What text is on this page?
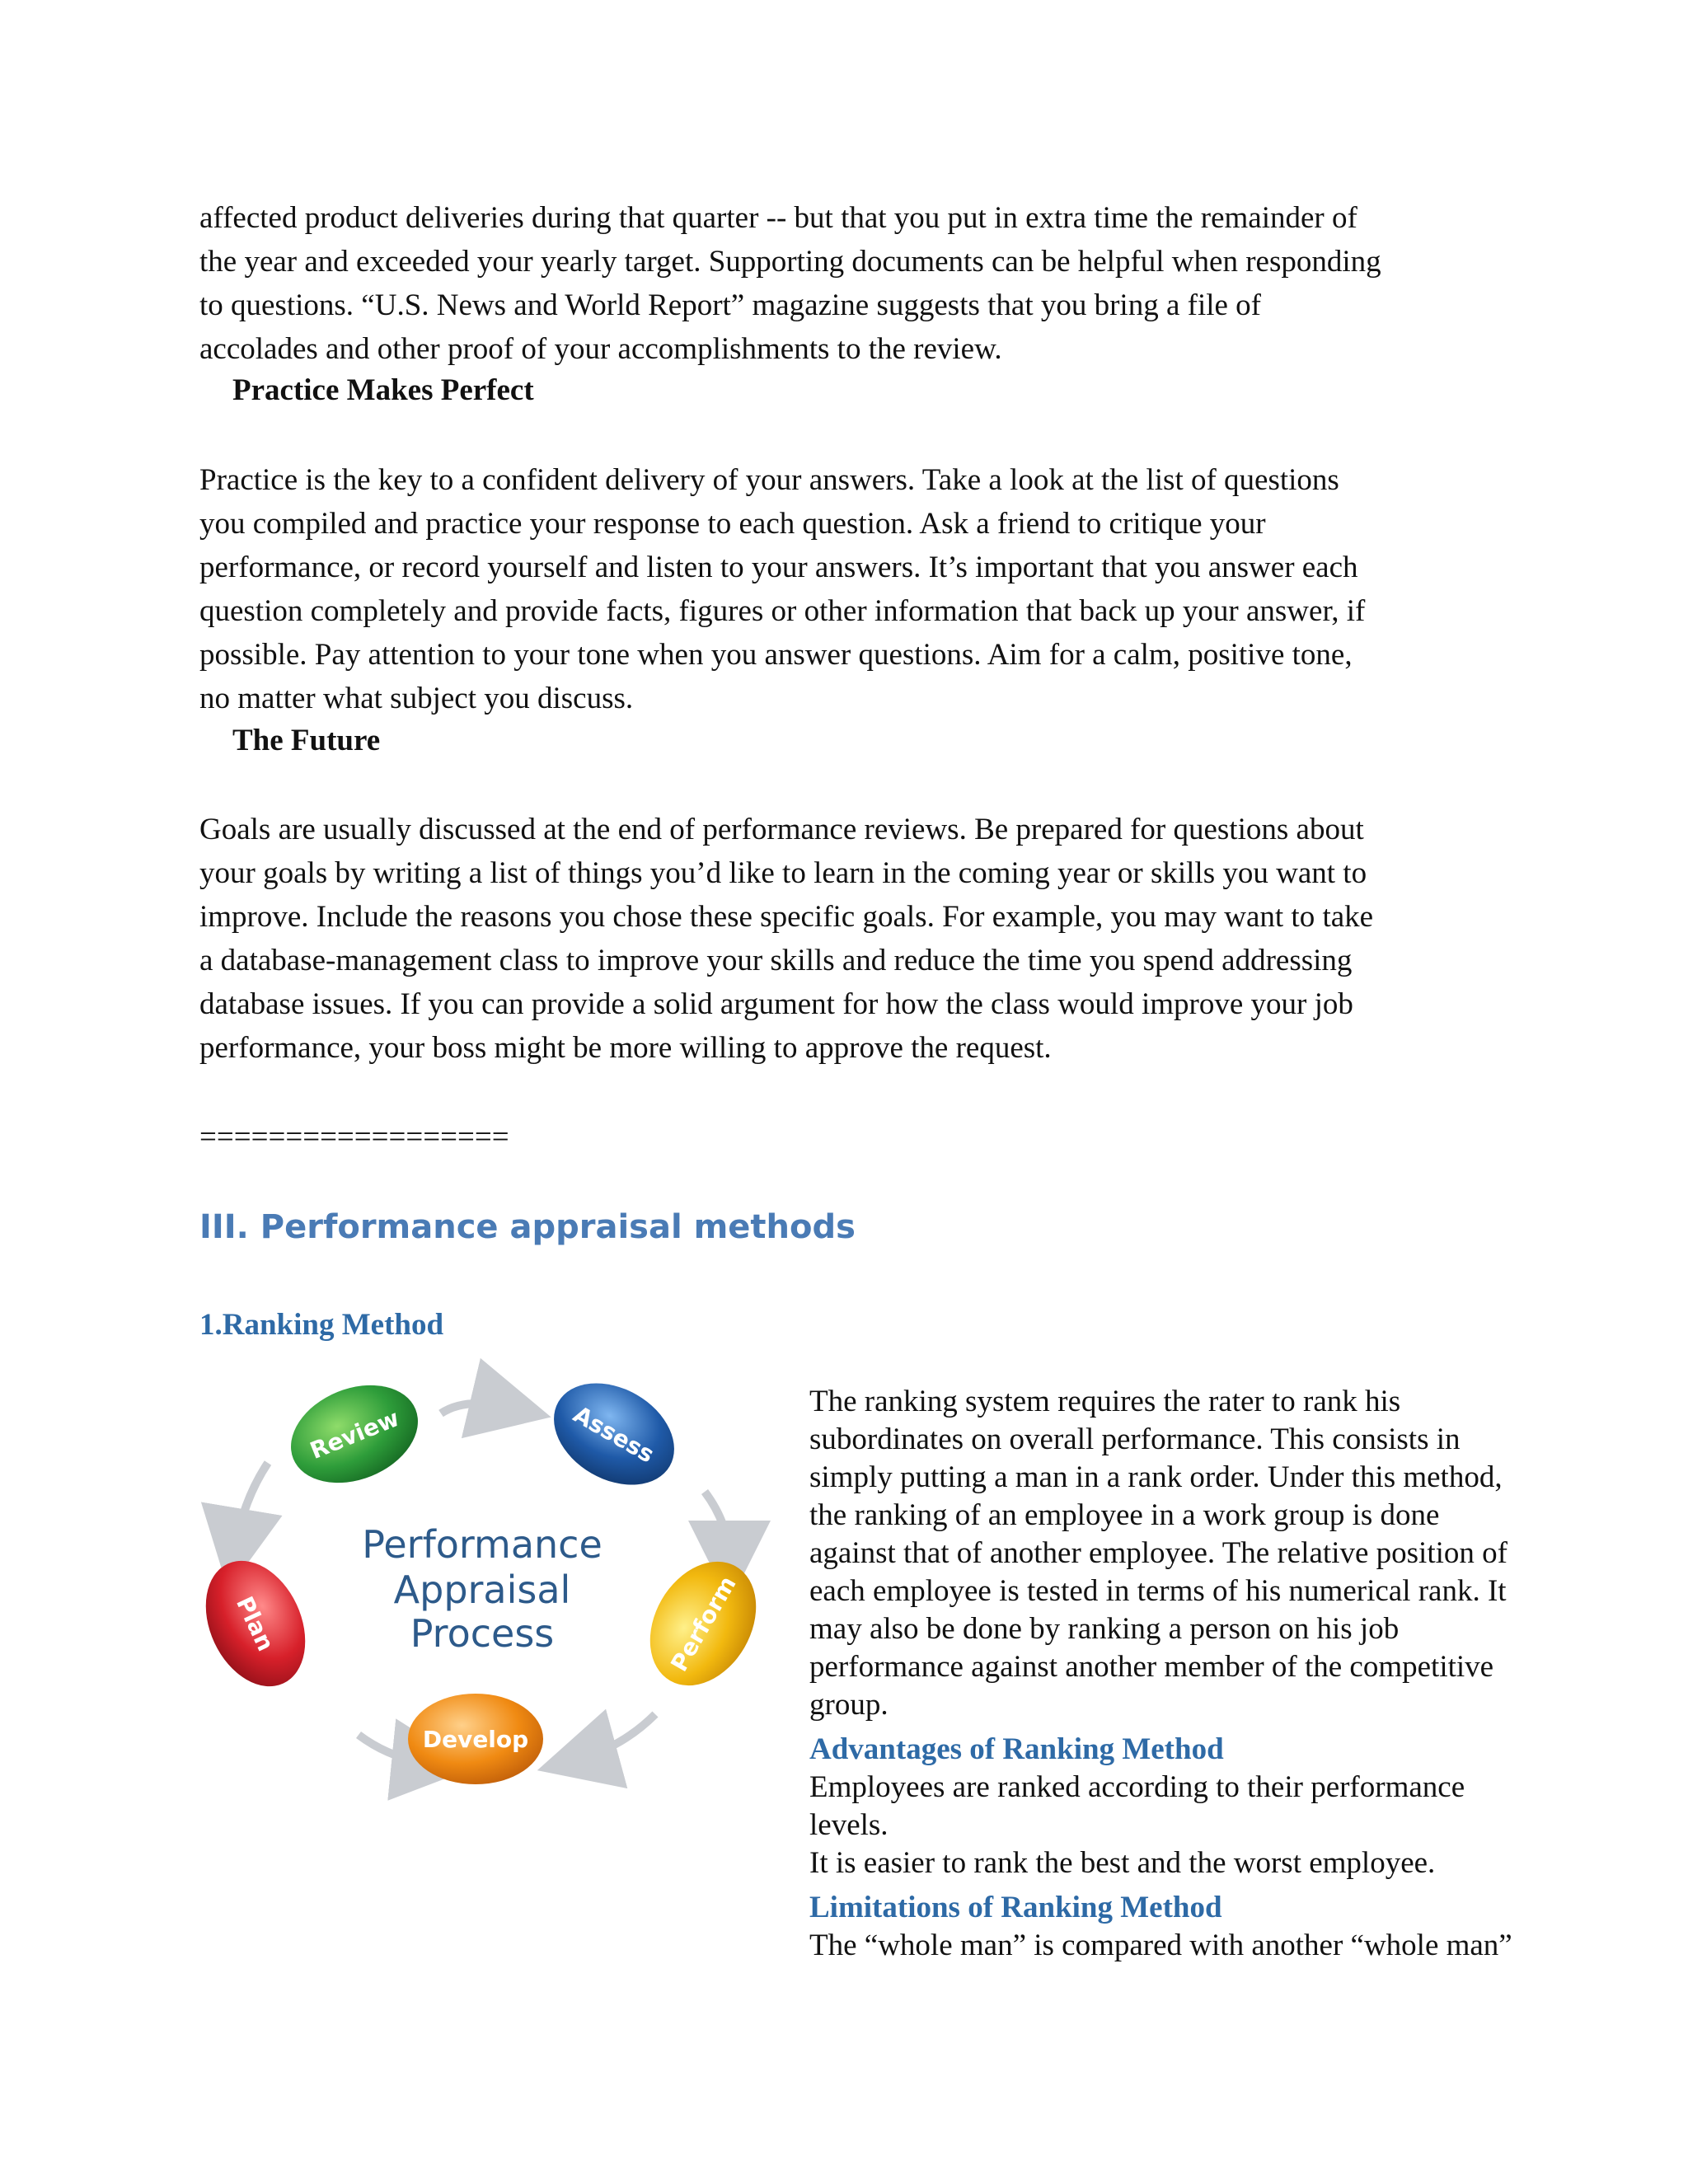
affected product deliveries during that quarter -- but that you put in extra time the remainder of
the year and exceeded your yearly target. Supporting documents can be helpful when responding
to questions. “U.S. News and World Report” magazine suggests that you bring a file of
accolades and other proof of your accomplishments to the review.
Practice Makes Perfect
Practice is the key to a confident delivery of your answers. Take a look at the list of questions
you compiled and practice your response to each question. Ask a friend to critique your
performance, or record yourself and listen to your answers. It’s important that you answer each
question completely and provide facts, figures or other information that back up your answer, if
possible. Pay attention to your tone when you answer questions. Aim for a calm, positive tone,
no matter what subject you discuss.
The Future
Goals are usually discussed at the end of performance reviews. Be prepared for questions about
your goals by writing a list of things you’d like to learn in the coming year or skills you want to
improve. Include the reasons you chose these specific goals. For example, you may want to take
a database-management class to improve your skills and reduce the time you spend addressing
database issues. If you can provide a solid argument for how the class would improve your job
performance, your boss might be more willing to approve the request.
==================
III. Performance appraisal methods
1.Ranking Method
Performance
Appraisal
Process
Review	Assess
Perform
Develop
Plan
The ranking system requires the rater to rank his
subordinates on overall performance. This consists in
simply putting a man in a rank order. Under this method,
the ranking of an employee in a work group is done
against that of another employee. The relative position of
each employee is tested in terms of his numerical rank. It
may also be done by ranking a person on his job
performance against another member of the competitive
group.
Advantages of Ranking Method
Employees are ranked according to their performance
levels.
It is easier to rank the best and the worst employee.
Limitations of Ranking Method
The “whole man” is compared with another “whole man”
